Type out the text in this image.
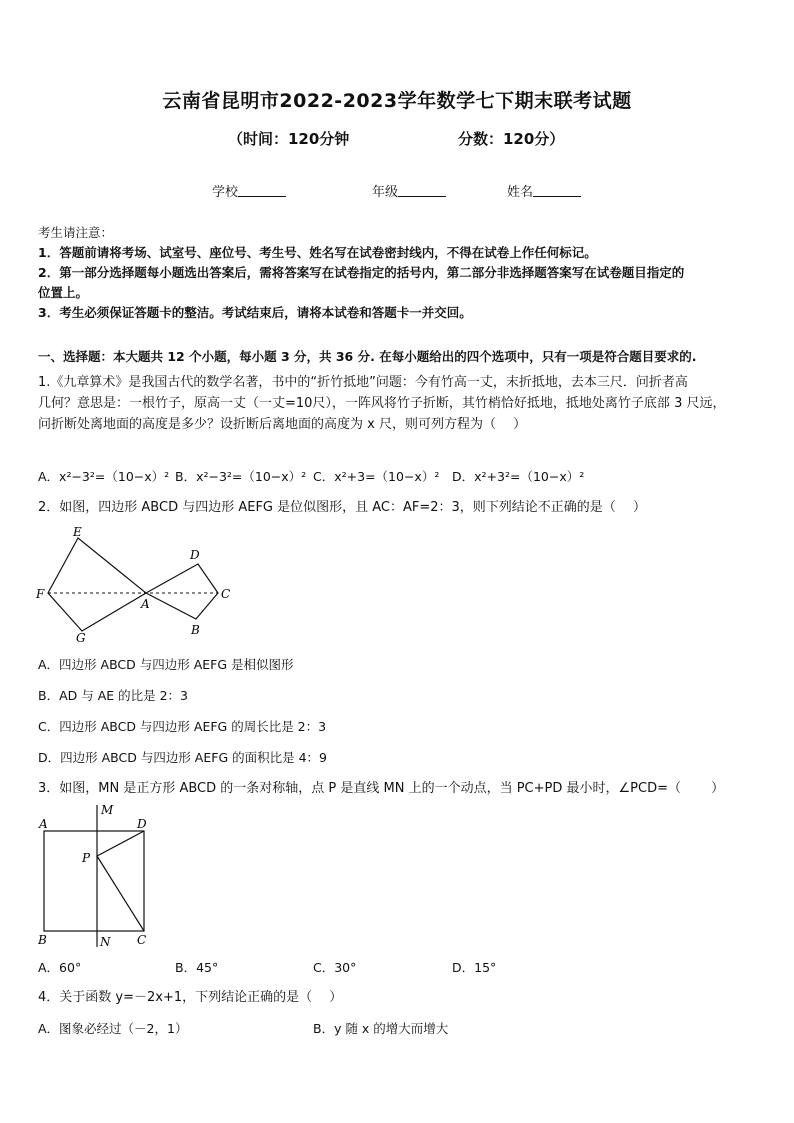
云南省昆明市2022-2023学年数学七下期末联考试题
（时间：120分钟	分数：120分）
学校	年级	姓名
考生请注意：
1．答题前请将考场、试室号、座位号、考生号、姓名写在试卷密封线内，不得在试卷上作任何标记。
2．第一部分选择题每小题选出答案后，需将答案写在试卷指定的括号内，第二部分非选择题答案写在试卷题目指定的
位置上。
3．考生必须保证答题卡的整洁。考试结束后，请将本试卷和答题卡一并交回。
一、选择题：本大题共 12 个小题，每小题 3 分，共 36 分. 在每小题给出的四个选项中，只有一项是符合题目要求的.
1.《九章算术》是我国古代的数学名著，书中的“折竹抵地”问题：今有竹高一丈，末折抵地，去本三尺．问折者高
几何？意思是：一根竹子，原高一丈（一丈=10尺），一阵风将竹子折断，其竹梢恰好抵地，抵地处离竹子底部 3 尺远，
问折断处离地面的高度是多少？设折断后离地面的高度为 x 尺，则可列方程为（　 ）
A．x²−3²=（10−x）² B．x²−3²=（10−x）² C．x²+3=（10−x）² D．x²+3²=（10−x）²
2．如图，四边形 ABCD 与四边形 AEFG 是位似图形，且 AC：AF=2：3，则下列结论不正确的是（　 ）
E
D
F
A
C
G
B
A．四边形 ABCD 与四边形 AEFG 是相似图形
B．AD 与 AE 的比是 2：3
C．四边形 ABCD 与四边形 AEFG 的周长比是 2：3
D．四边形 ABCD 与四边形 AEFG 的面积比是 4：9
3．如图，MN 是正方形 ABCD 的一条对称轴，点 P 是直线 MN 上的一个动点，当 PC+PD 最小时，∠PCD=（　　 ）
M
A	D
P
B	N C
A．60°	B．45°	C．30°	D．15°
4．关于函数 y=－2x+1，下列结论正确的是（　 ）
A．图象必经过（－2，1）	B．y 随 x 的增大而增大
